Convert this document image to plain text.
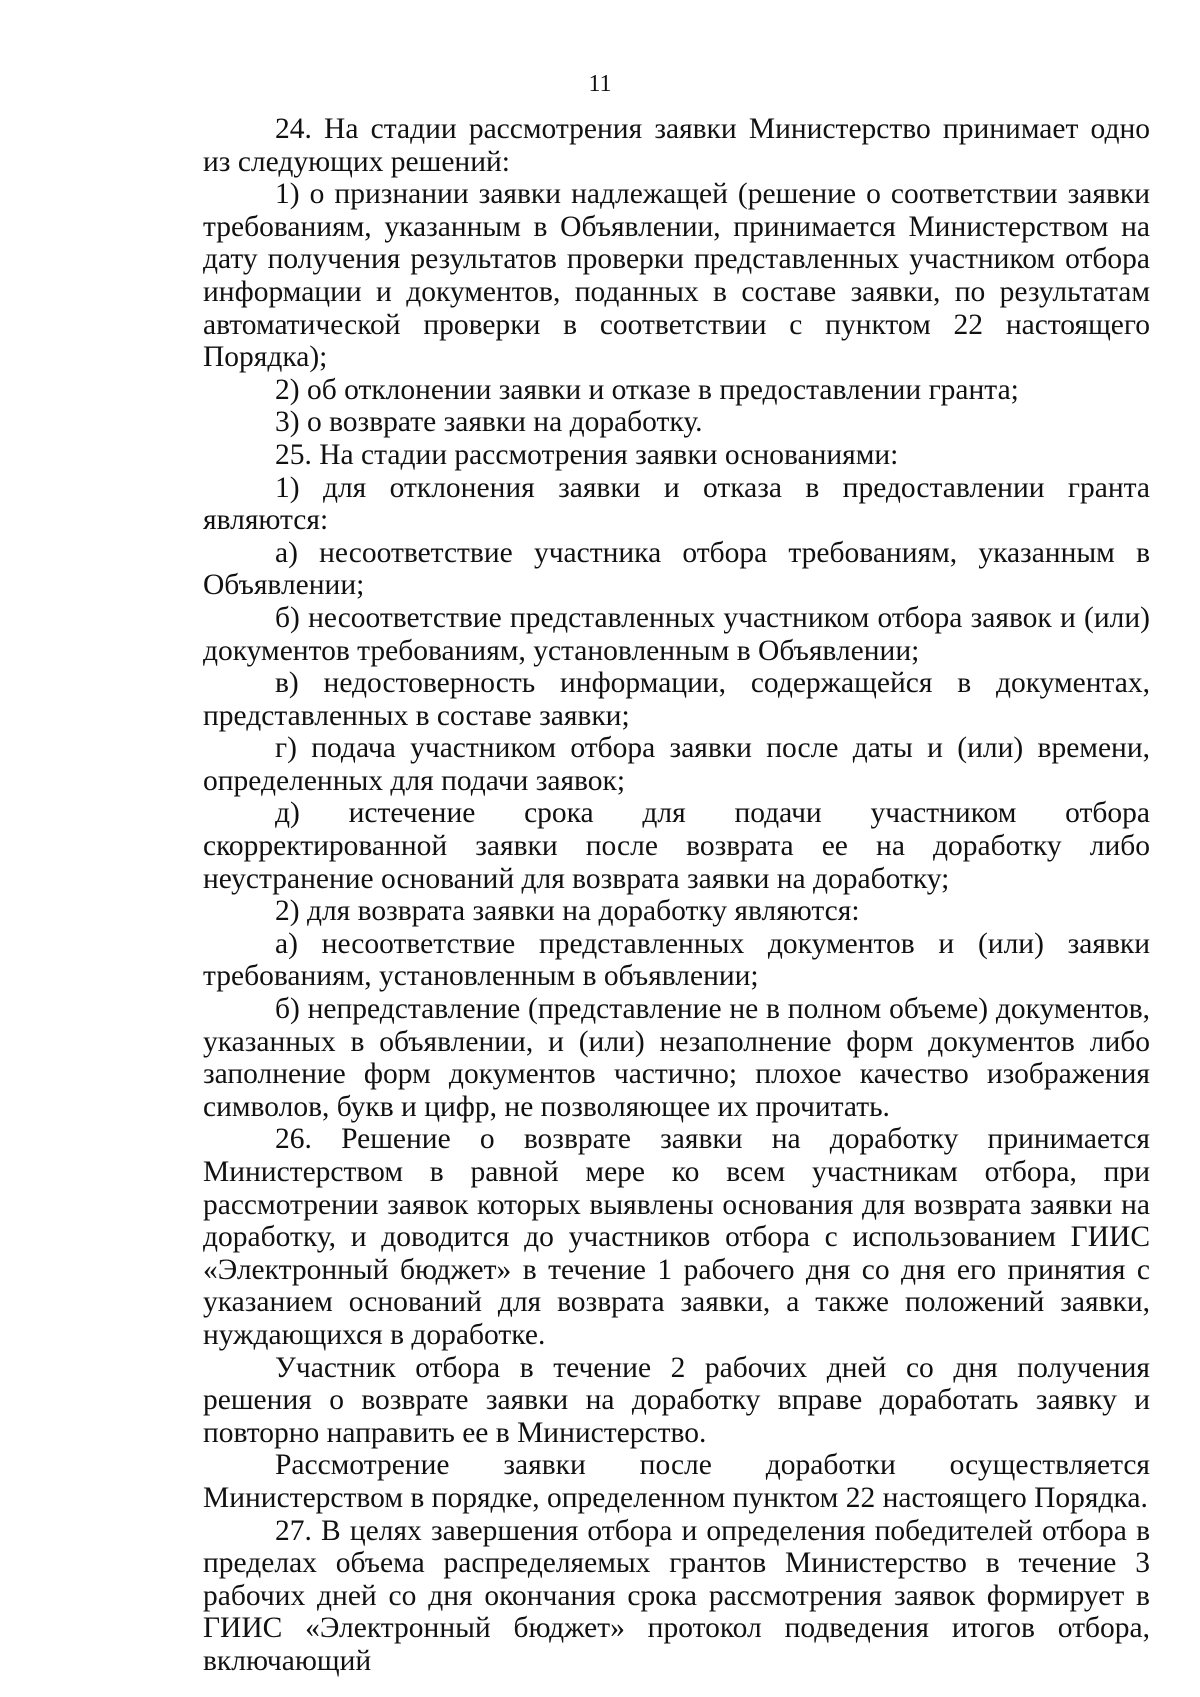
11

24. На стадии рассмотрения заявки Министерство принимает одно из следующих решений:

1) о признании заявки надлежащей (решение о соответствии заявки требованиям, указанным в Объявлении, принимается Министерством на дату получения результатов проверки представленных участником отбора информации и документов, поданных в составе заявки, по результатам автоматической проверки в соответствии с пунктом 22 настоящего Порядка);

2) об отклонении заявки и отказе в предоставлении гранта;

3) о возврате заявки на доработку.

25. На стадии рассмотрения заявки основаниями:

1) для отклонения заявки и отказа в предоставлении гранта являются:

а) несоответствие участника отбора требованиям, указанным в Объявлении;

б) несоответствие представленных участником отбора заявок и (или) документов требованиям, установленным в Объявлении;

в) недостоверность информации, содержащейся в документах, представленных в составе заявки;

г) подача участником отбора заявки после даты и (или) времени, определенных для подачи заявок;

д) истечение срока для подачи участником отбора скорректированной заявки после возврата ее на доработку либо неустранение оснований для возврата заявки на доработку;

2) для возврата заявки на доработку являются:

а) несоответствие представленных документов и (или) заявки требованиям, установленным в объявлении;

б) непредставление (представление не в полном объеме) документов, указанных в объявлении, и (или) незаполнение форм документов либо заполнение форм документов частично; плохое качество изображения символов, букв и цифр, не позволяющее их прочитать.

26. Решение о возврате заявки на доработку принимается Министерством в равной мере ко всем участникам отбора, при рассмотрении заявок которых выявлены основания для возврата заявки на доработку, и доводится до участников отбора с использованием ГИИС «Электронный бюджет» в течение 1 рабочего дня со дня его принятия с указанием оснований для возврата заявки, а также положений заявки, нуждающихся в доработке.

Участник отбора в течение 2 рабочих дней со дня получения решения о возврате заявки на доработку вправе доработать заявку и повторно направить ее в Министерство.

Рассмотрение заявки после доработки осуществляется Министерством в порядке, определенном пунктом 22 настоящего Порядка.

27. В целях завершения отбора и определения победителей отбора в пределах объема распределяемых грантов Министерство в течение 3 рабочих дней со дня окончания срока рассмотрения заявок формирует в ГИИС «Электронный бюджет» протокол подведения итогов отбора, включающий
